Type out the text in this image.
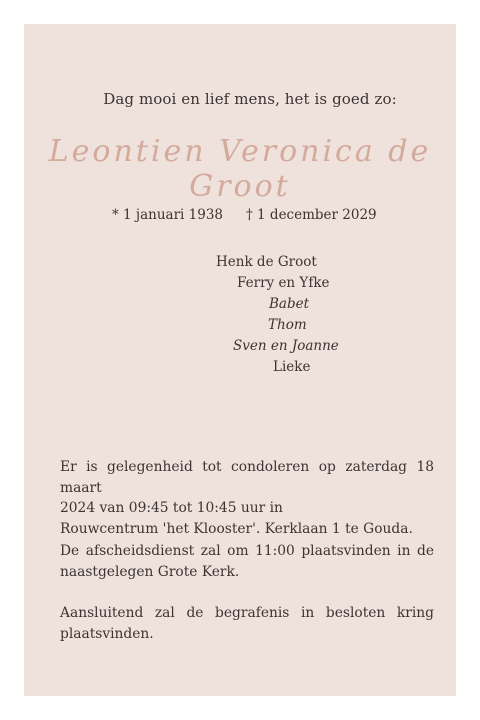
Dag mooi en lief mens, het is goed zo:
Leontien Veronica de Groot
* 1 januari 1938 † 1 december 2029
Henk de Groot
Ferry en Yfke
Babet
Thom
Sven en Joanne
Lieke
Er is gelegenheid tot condoleren op zaterdag 18 maart
2024 van 09:45 tot 10:45 uur in
Rouwcentrum 'het Klooster'. Kerklaan 1 te Gouda.
De afscheidsdienst zal om 11:00 plaatsvinden in de
naastgelegen Grote Kerk.
Aansluitend zal de begrafenis in besloten kring
plaatsvinden.
